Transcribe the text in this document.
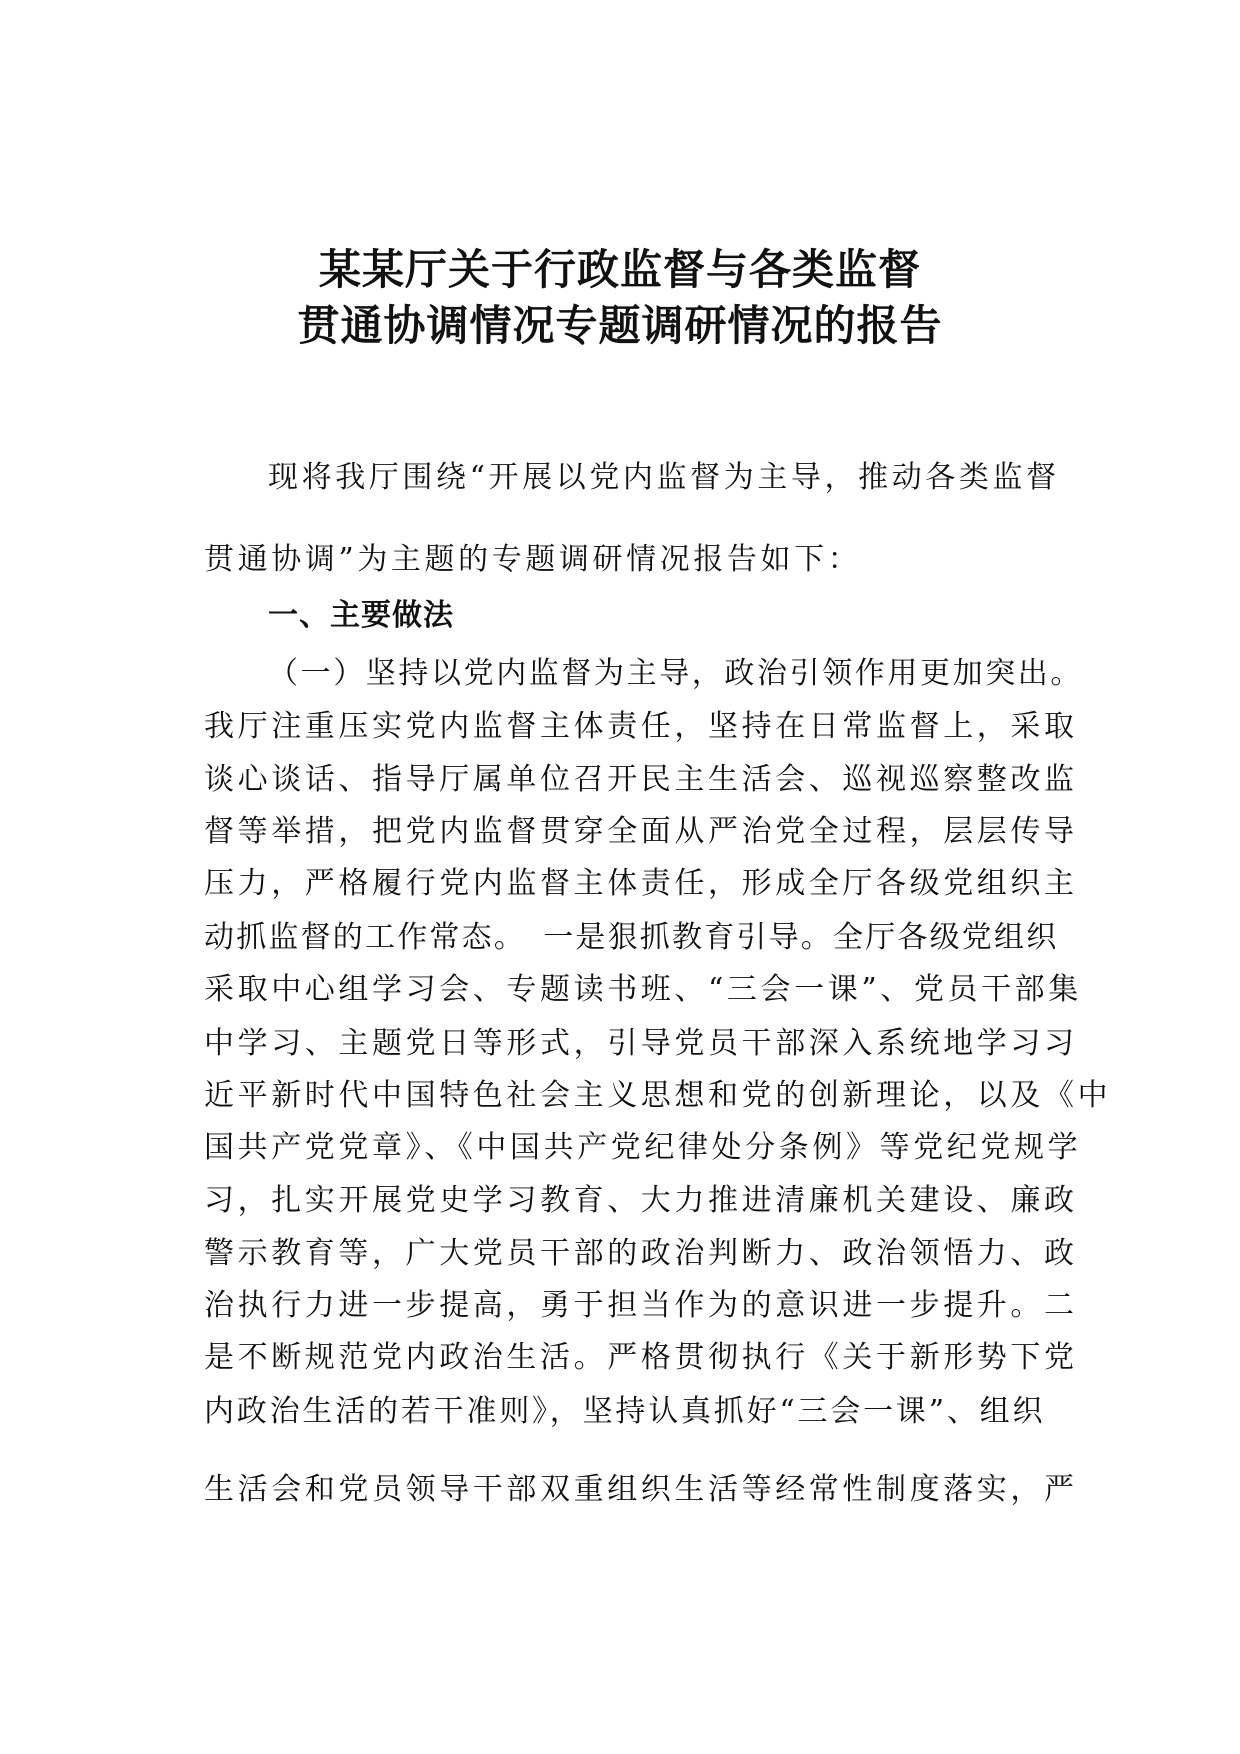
某某厅关于行政监督与各类监督
贯通协调情况专题调研情况的报告
现将我厅围绕“开展以党内监督为主导，推动各类监督
贯通协调”为主题的专题调研情况报告如下：
一、主要做法
（一）坚持以党内监督为主导，政治引领作用更加突出。
我厅注重压实党内监督主体责任，坚持在日常监督上，采取
谈心谈话、指导厅属单位召开民主生活会、巡视巡察整改监
督等举措，把党内监督贯穿全面从严治党全过程，层层传导
压力，严格履行党内监督主体责任，形成全厅各级党组织主
动抓监督的工作常态。　一是狠抓教育引导。全厅各级党组织
采取中心组学习会、专题读书班、“三会一课”、党员干部集
中学习、主题党日等形式，引导党员干部深入系统地学习习
近平新时代中国特色社会主义思想和党的创新理论，以及《中
国共产党党章》、《中国共产党纪律处分条例》等党纪党规学
习，扎实开展党史学习教育、大力推进清廉机关建设、廉政
警示教育等，广大党员干部的政治判断力、政治领悟力、政
治执行力进一步提高，勇于担当作为的意识进一步提升。二
是不断规范党内政治生活。严格贯彻执行《关于新形势下党
内政治生活的若干准则》，坚持认真抓好“三会一课”、组织
生活会和党员领导干部双重组织生活等经常性制度落实，严
